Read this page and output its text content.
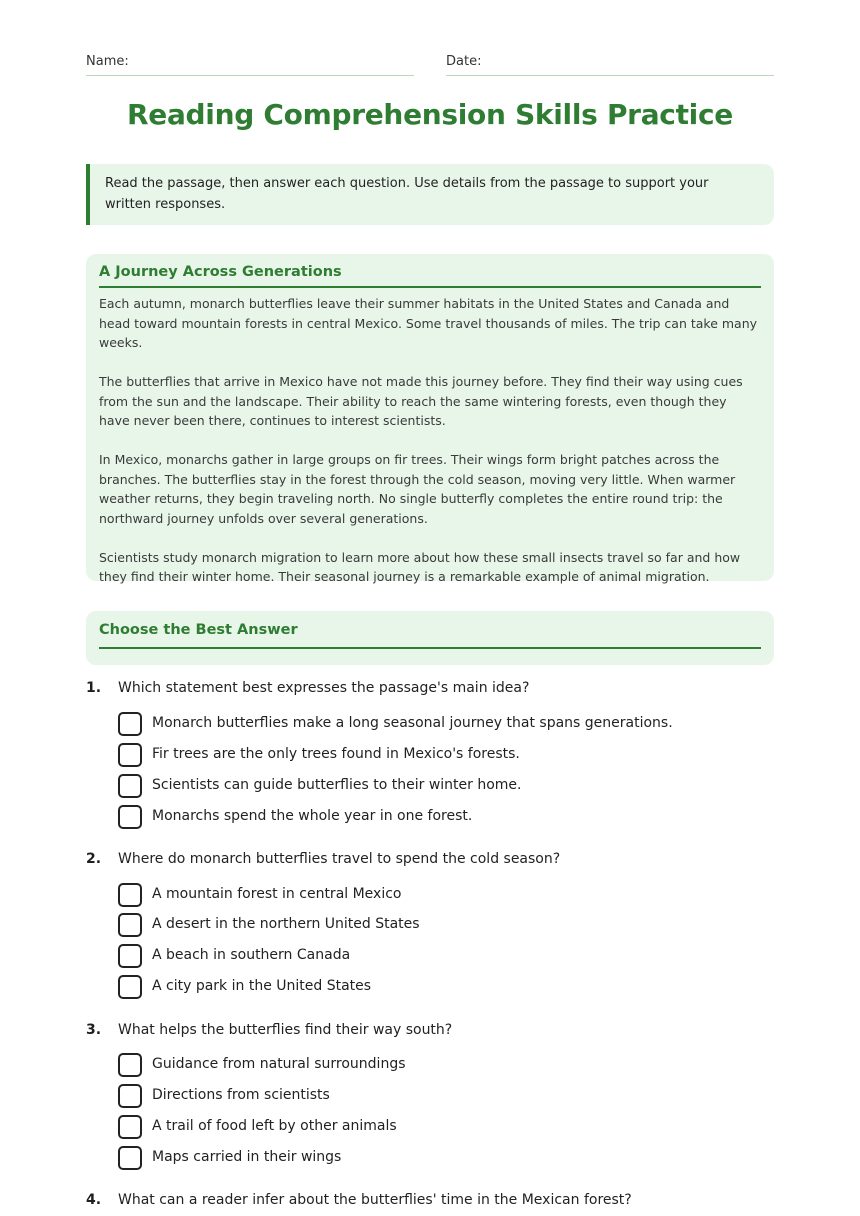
Name:	Date:
Reading Comprehension Skills Practice
Read the passage, then answer each question. Use details from the passage to support your written responses.
A Journey Across Generations

Each autumn, monarch butterflies leave their summer habitats in the United States and Canada and head toward mountain forests in central Mexico. Some travel thousands of miles. The trip can take many weeks.

The butterflies that arrive in Mexico have not made this journey before. They find their way using cues from the sun and the landscape. Their ability to reach the same wintering forests, even though they have never been there, continues to interest scientists.

In Mexico, monarchs gather in large groups on fir trees. Their wings form bright patches across the branches. The butterflies stay in the forest through the cold season, moving very little. When warmer weather returns, they begin traveling north. No single butterfly completes the entire round trip: the northward journey unfolds over several generations.

Scientists study monarch migration to learn more about how these small insects travel so far and how they find their winter home. Their seasonal journey is a remarkable example of animal migration.

Choose the Best Answer
1. Which statement best expresses the passage's main idea?
Monarch butterflies make a long seasonal journey that spans generations.
Fir trees are the only trees found in Mexico's forests.
Scientists can guide butterflies to their winter home.
Monarchs spend the whole year in one forest.
2. Where do monarch butterflies travel to spend the cold season?
A mountain forest in central Mexico
A desert in the northern United States
A beach in southern Canada
A city park in the United States
3. What helps the butterflies find their way south?
Guidance from natural surroundings
Directions from scientists
A trail of food left by other animals
Maps carried in their wings
4. What can a reader infer about the butterflies' time in the Mexican forest?
